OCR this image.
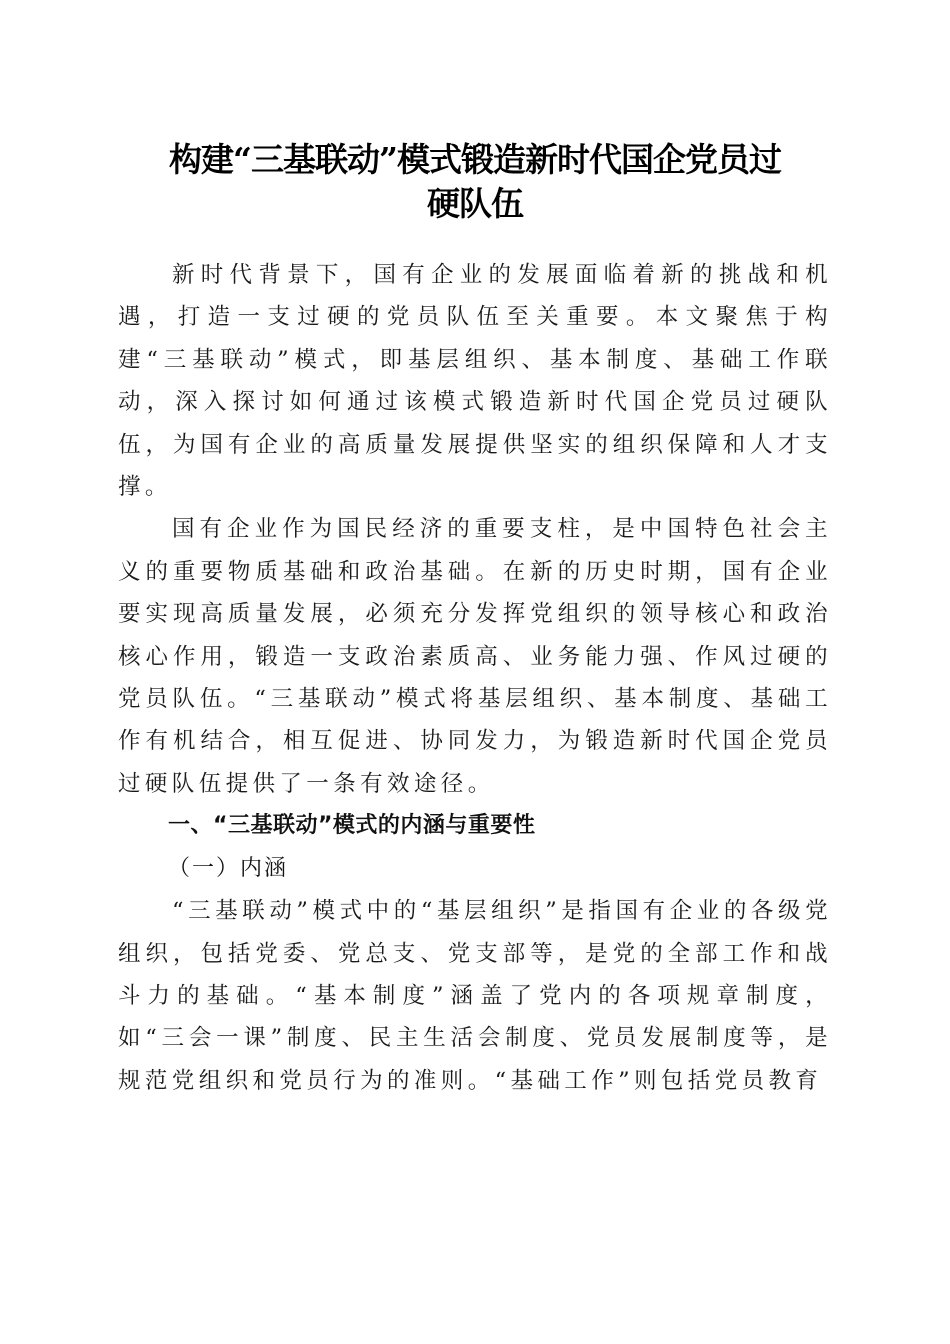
构建“三基联动”模式锻造新时代国企党员过
硬队伍

新时代背景下，国有企业的发展面临着新的挑战和机遇，打造一支过硬的党员队伍至关重要。本文聚焦于构建“三基联动”模式，即基层组织、基本制度、基础工作联动，深入探讨如何通过该模式锻造新时代国企党员过硬队伍，为国有企业的高质量发展提供坚实的组织保障和人才支撑。

国有企业作为国民经济的重要支柱，是中国特色社会主义的重要物质基础和政治基础。在新的历史时期，国有企业要实现高质量发展，必须充分发挥党组织的领导核心和政治核心作用，锻造一支政治素质高、业务能力强、作风过硬的党员队伍。“三基联动”模式将基层组织、基本制度、基础工作有机结合，相互促进、协同发力，为锻造新时代国企党员过硬队伍提供了一条有效途径。

一、“三基联动”模式的内涵与重要性

（一）内涵

“三基联动”模式中的“基层组织”是指国有企业的各级党组织，包括党委、党总支、党支部等，是党的全部工作和战斗力的基础。“基本制度”涵盖了党内的各项规章制度，如“三会一课”制度、民主生活会制度、党员发展制度等，是规范党组织和党员行为的准则。“基础工作”则包括党员教育
